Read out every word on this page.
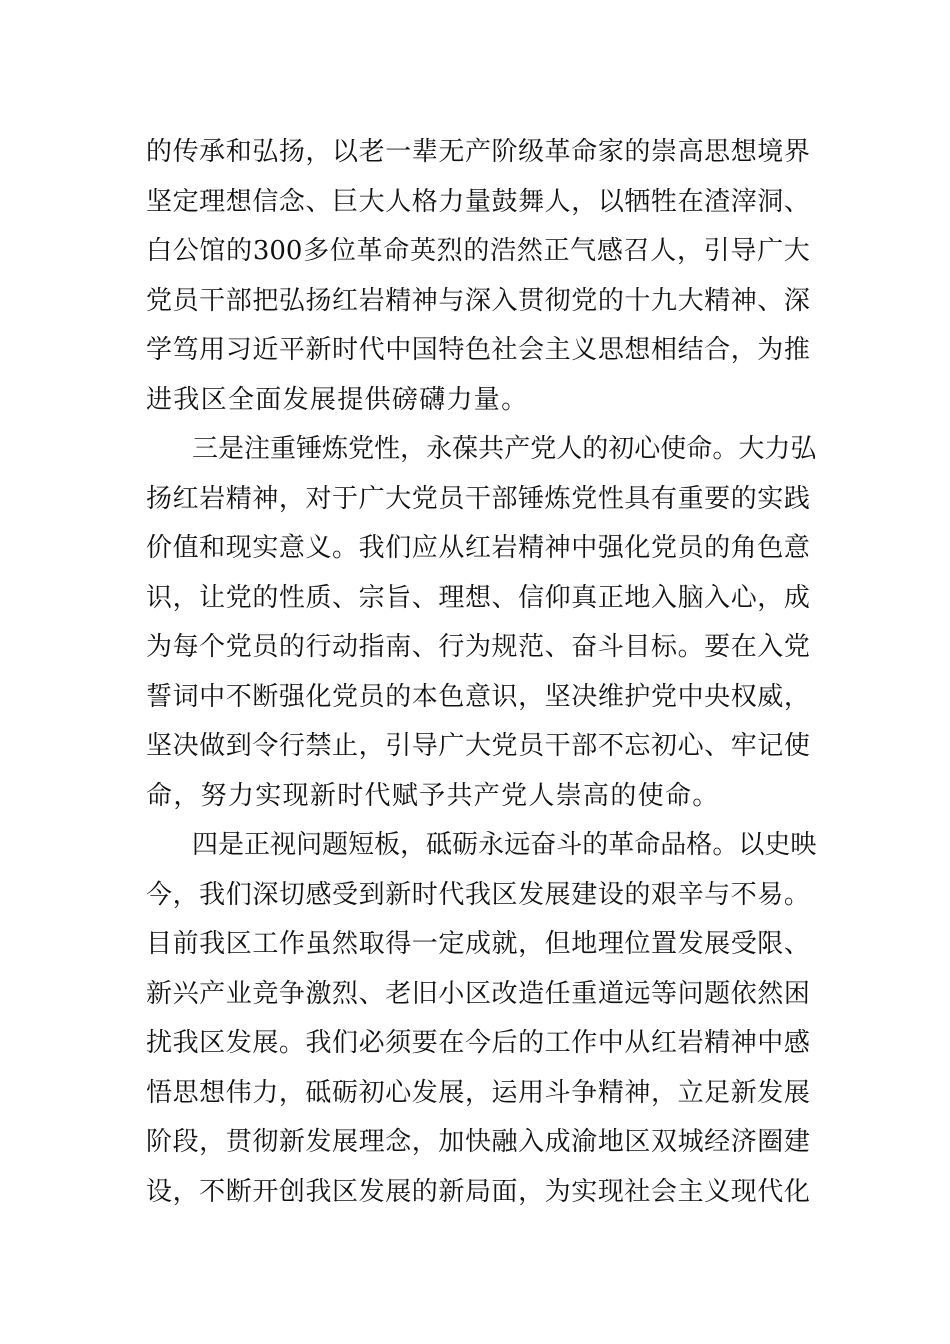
的 传 承 和 弘 扬 ， 以 老 一 辈 无 产 阶 级 革 命 家 的 崇 高 思 想 境 界
坚 定 理 想 信 念 、 巨 大 人 格 力 量 鼓 舞 人 ， 以 牺 牲 在 渣 滓 洞 、
白 公 馆 的 300 多 位 革 命 英 烈 的 浩 然 正 气 感 召 人 ， 引 导 广 大
党 员 干 部 把 弘 扬 红 岩 精 神 与 深 入 贯 彻 党 的 十 九 大 精 神 、 深
学 笃 用 习 近 平 新 时 代 中 国 特 色 社 会 主 义 思 想 相 结 合 ， 为 推
进 我 区 全 面 发 展 提 供 磅 礴 力 量 。
三 是 注 重 锤 炼 党 性 ， 永 葆 共 产 党 人 的 初 心 使 命 。 大 力 弘
扬 红 岩 精 神 ， 对 于 广 大 党 员 干 部 锤 炼 党 性 具 有 重 要 的 实 践
价 值 和 现 实 意 义 。 我 们 应 从 红 岩 精 神 中 强 化 党 员 的 角 色 意
识 ， 让 党 的 性 质 、 宗 旨 、 理 想 、 信 仰 真 正 地 入 脑 入 心 ， 成
为 每 个 党 员 的 行 动 指 南 、 行 为 规 范 、 奋 斗 目 标 。 要 在 入 党
誓 词 中 不 断 强 化 党 员 的 本 色 意 识 ， 坚 决 维 护 党 中 央 权 威 ，
坚 决 做 到 令 行 禁 止 ， 引 导 广 大 党 员 干 部 不 忘 初 心 、 牢 记 使
命 ， 努 力 实 现 新 时 代 赋 予 共 产 党 人 崇 高 的 使 命 。
四 是 正 视 问 题 短 板 ， 砥 砺 永 远 奋 斗 的 革 命 品 格 。 以 史 映
今 ， 我 们 深 切 感 受 到 新 时 代 我 区 发 展 建 设 的 艰 辛 与 不 易 。
目 前 我 区 工 作 虽 然 取 得 一 定 成 就 ， 但 地 理 位 置 发 展 受 限 、
新 兴 产 业 竞 争 激 烈 、 老 旧 小 区 改 造 任 重 道 远 等 问 题 依 然 困
扰 我 区 发 展 。 我 们 必 须 要 在 今 后 的 工 作 中 从 红 岩 精 神 中 感
悟 思 想 伟 力 ， 砥 砺 初 心 发 展 ， 运 用 斗 争 精 神 ， 立 足 新 发 展
阶 段 ， 贯 彻 新 发 展 理 念 ， 加 快 融 入 成 渝 地 区 双 城 经 济 圈 建
设 ， 不 断 开 创 我 区 发 展 的 新 局 面 ， 为 实 现 社 会 主 义 现 代 化
